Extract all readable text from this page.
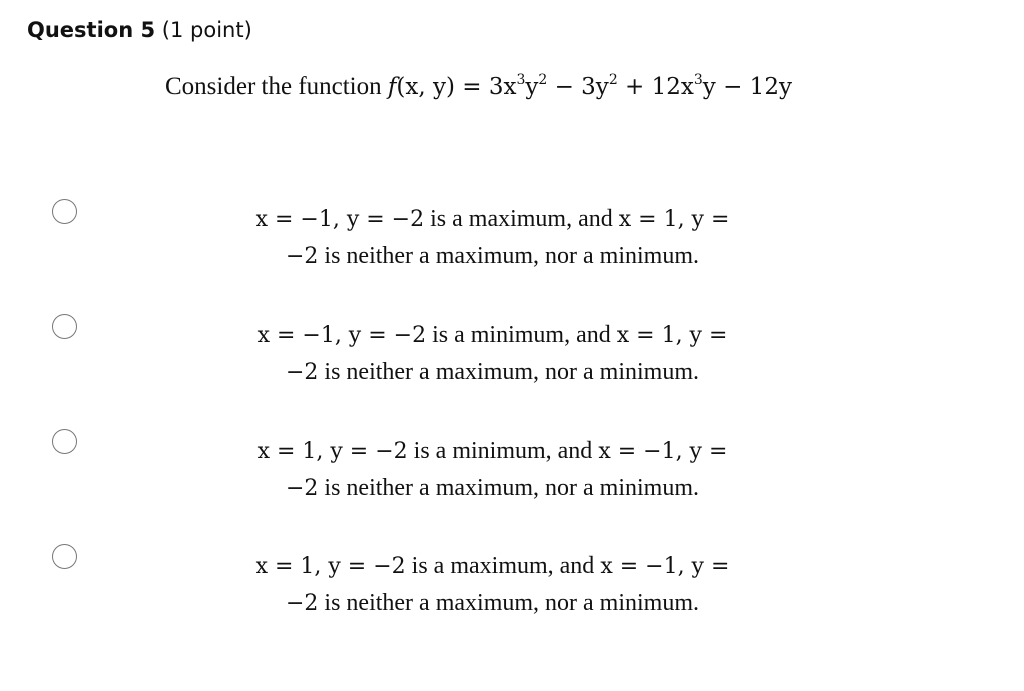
Question 5 (1 point)
Consider the function f(x, $y) = 3x^3y^2 - 3y^2 + 12x^3y - 12y$
x = −1, y = −2 is a maximum, and x = 1, y =
−2 is neither a maximum, nor a minimum.
x = −1, y = −2 is a minimum, and x = 1, y =
−2 is neither a maximum, nor a minimum.
x = 1, y = −2 is a minimum, and x = −1, y =
−2 is neither a maximum, nor a minimum.
x = 1, y = −2 is a maximum, and x = −1, y =
−2 is neither a maximum, nor a minimum.
